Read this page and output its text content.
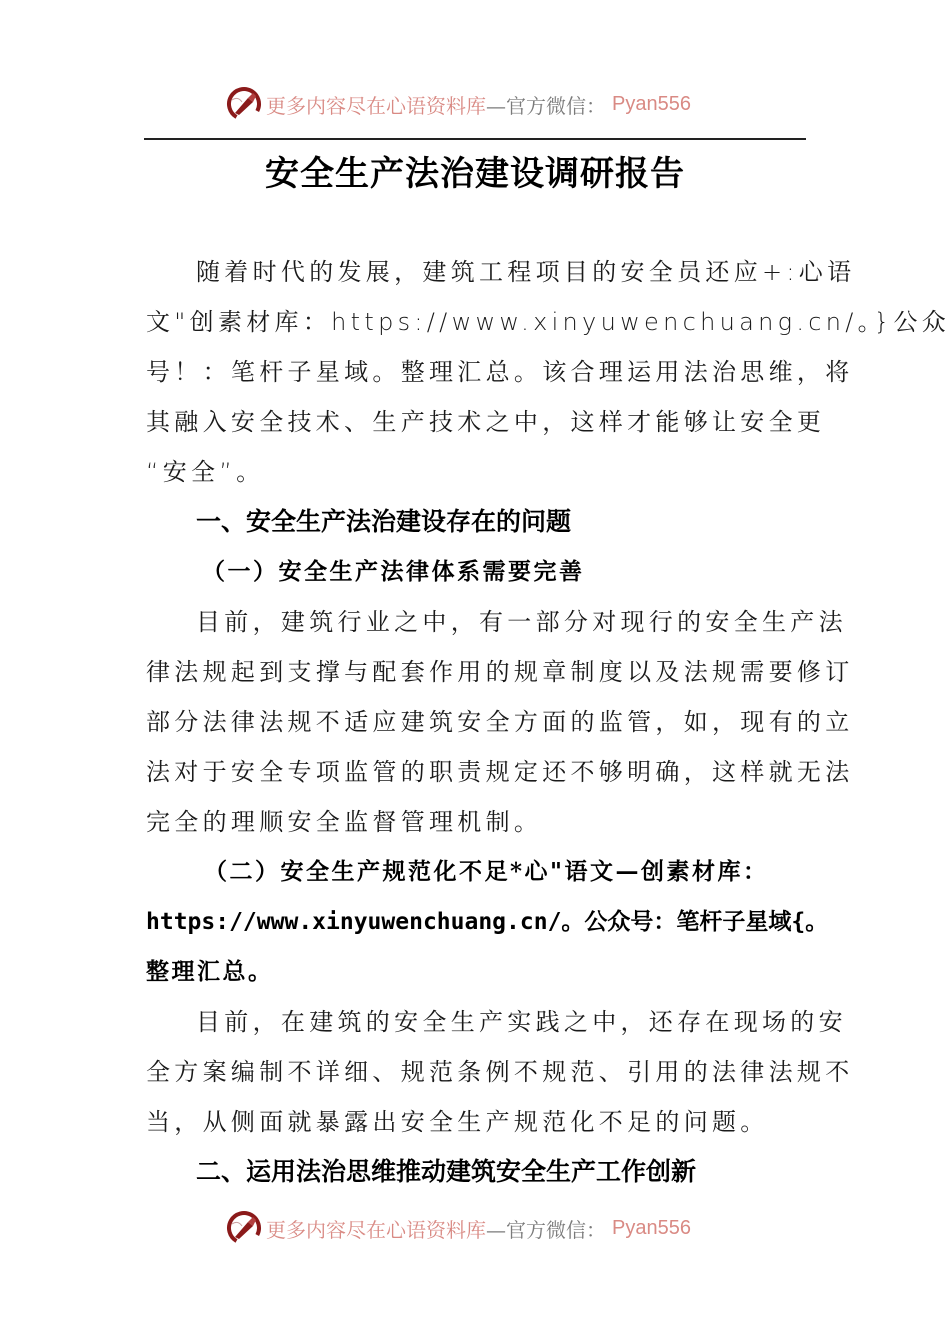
更多内容尽在心语资料库 —官方微信： Pyan556
安全生产法治建设调研报告
随着时代的发展，建筑工程项目的安全员还应+:心语
文"创素材库：https://www.xinyuwenchuang.cn/。}公众
号！：笔杆子星域。整理汇总。该合理运用法治思维，将
其融入安全技术、生产技术之中，这样才能够让安全更
“安全”。
一、安全生产法治建设存在的问题
（一）安全生产法律体系需要完善
目前，建筑行业之中，有一部分对现行的安全生产法
律法规起到支撑与配套作用的规章制度以及法规需要修订
部分法律法规不适应建筑安全方面的监管，如，现有的立
法对于安全专项监管的职责规定还不够明确，这样就无法
完全的理顺安全监督管理机制。
（二）安全生产规范化不足*心"语文—创素材库：
https://www.xinyuwenchuang.cn/。公众号：笔杆子星域{。
整理汇总。
目前，在建筑的安全生产实践之中，还存在现场的安
全方案编制不详细、规范条例不规范、引用的法律法规不
当，从侧面就暴露出安全生产规范化不足的问题。
二、运用法治思维推动建筑安全生产工作创新
更多内容尽在心语资料库 —官方微信： Pyan556
